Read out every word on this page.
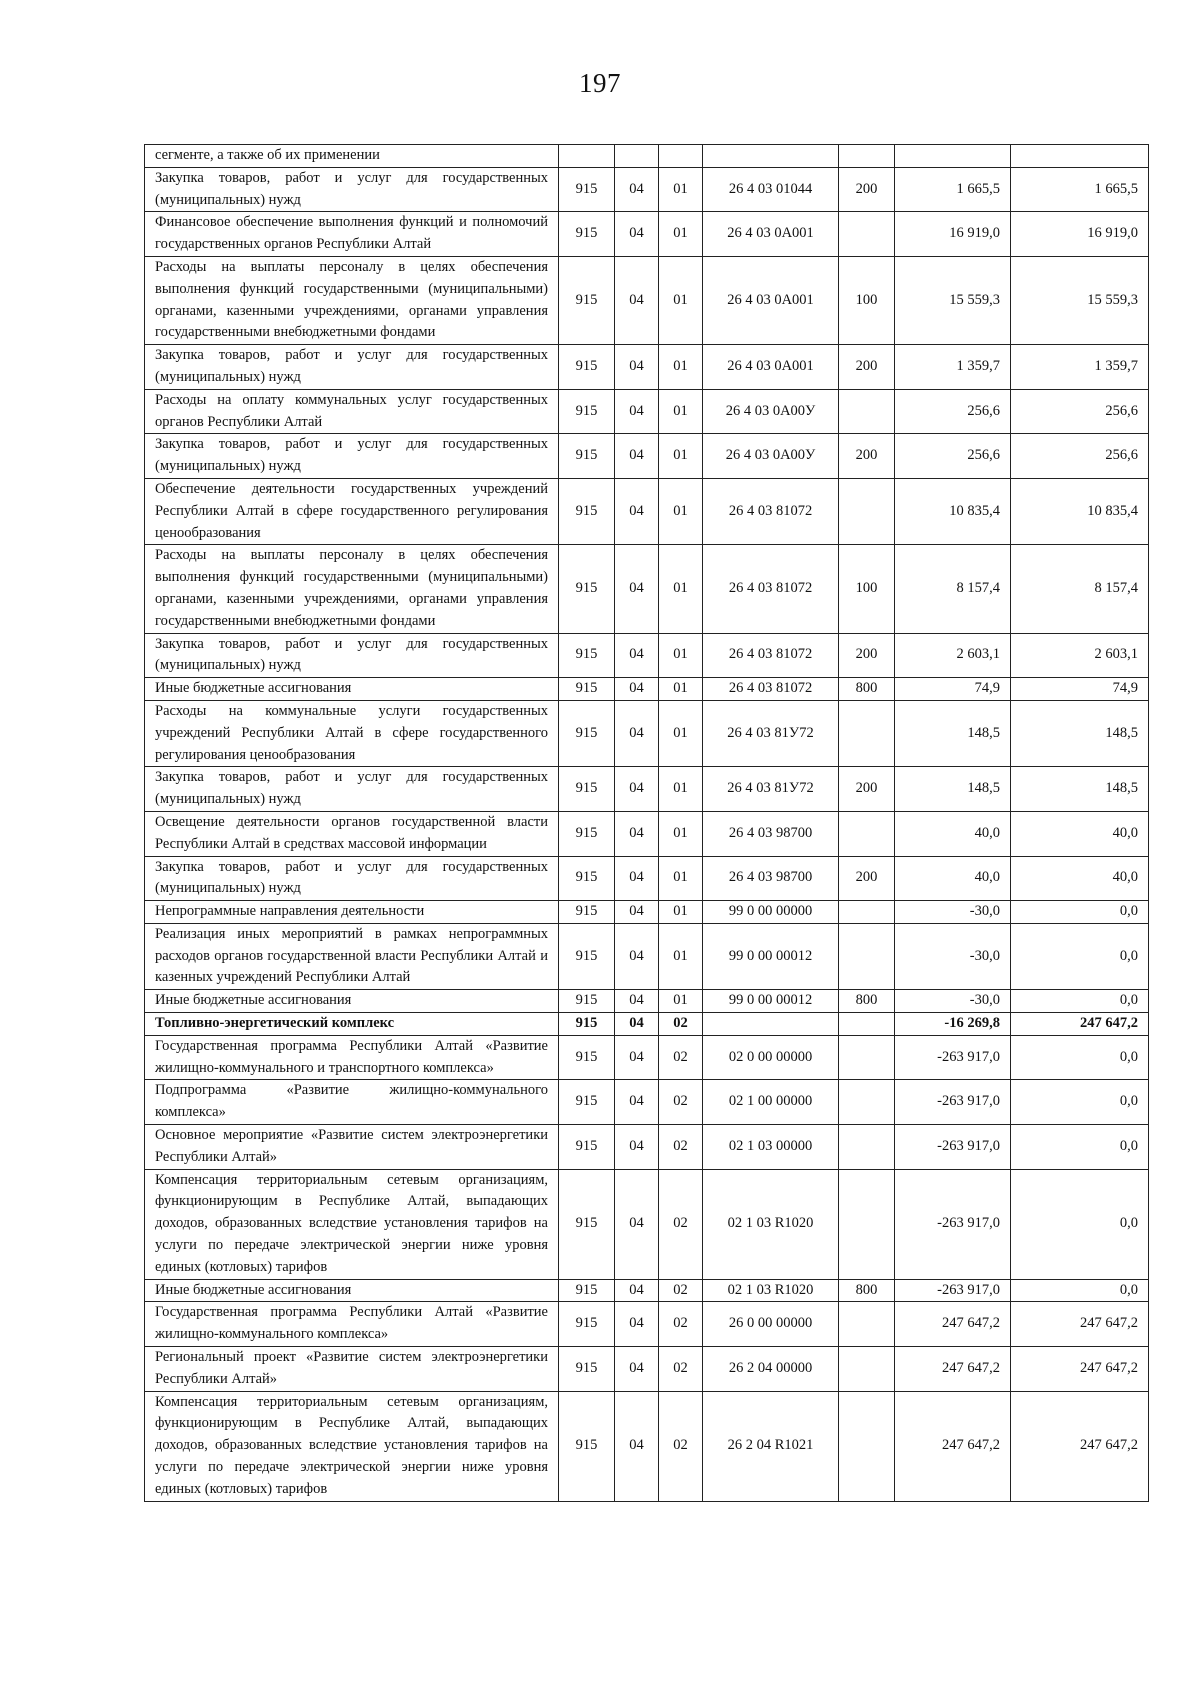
197
сегменте, а также об их применении							
Закупка товаров, работ и услуг для государственных (муниципальных) нужд	915	04	01	26 4 03 01044	200	1 665,5	1 665,5
Финансовое обеспечение выполнения функций и полномочий государственных органов Республики Алтай	915	04	01	26 4 03 0А001		16 919,0	16 919,0
Расходы на выплаты персоналу в целях обеспечения выполнения функций государственными (муниципальными) органами, казенными учреждениями, органами управления государственными внебюджетными фондами	915	04	01	26 4 03 0А001	100	15 559,3	15 559,3
Закупка товаров, работ и услуг для государственных (муниципальных) нужд	915	04	01	26 4 03 0А001	200	1 359,7	1 359,7
Расходы на оплату коммунальных услуг государственных органов Республики Алтай	915	04	01	26 4 03 0А00У		256,6	256,6
Закупка товаров, работ и услуг для государственных (муниципальных) нужд	915	04	01	26 4 03 0А00У	200	256,6	256,6
Обеспечение деятельности государственных учреждений Республики Алтай в сфере государственного регулирования ценообразования	915	04	01	26 4 03 81072		10 835,4	10 835,4
Расходы на выплаты персоналу в целях обеспечения выполнения функций государственными (муниципальными) органами, казенными учреждениями, органами управления государственными внебюджетными фондами	915	04	01	26 4 03 81072	100	8 157,4	8 157,4
Закупка товаров, работ и услуг для государственных (муниципальных) нужд	915	04	01	26 4 03 81072	200	2 603,1	2 603,1
Иные бюджетные ассигнования	915	04	01	26 4 03 81072	800	74,9	74,9
Расходы на коммунальные услуги государственных учреждений Республики Алтай в сфере государственного регулирования ценообразования	915	04	01	26 4 03 81У72		148,5	148,5
Закупка товаров, работ и услуг для государственных (муниципальных) нужд	915	04	01	26 4 03 81У72	200	148,5	148,5
Освещение деятельности органов государственной власти Республики Алтай в средствах массовой информации	915	04	01	26 4 03 98700		40,0	40,0
Закупка товаров, работ и услуг для государственных (муниципальных) нужд	915	04	01	26 4 03 98700	200	40,0	40,0
Непрограммные направления деятельности	915	04	01	99 0 00 00000		-30,0	0,0
Реализация иных мероприятий в рамках непрограммных расходов органов государственной власти Республики Алтай и казенных учреждений Республики Алтай	915	04	01	99 0 00 00012		-30,0	0,0
Иные бюджетные ассигнования	915	04	01	99 0 00 00012	800	-30,0	0,0
Топливно-энергетический комплекс	915	04	02			-16 269,8	247 647,2
Государственная программа Республики Алтай «Развитие жилищно-коммунального и транспортного комплекса»	915	04	02	02 0 00 00000		-263 917,0	0,0
Подпрограмма «Развитие жилищно-коммунального комплекса»	915	04	02	02 1 00 00000		-263 917,0	0,0
Основное мероприятие «Развитие систем электроэнергетики Республики Алтай»	915	04	02	02 1 03 00000		-263 917,0	0,0
Компенсация территориальным сетевым организациям, функционирующим в Республике Алтай, выпадающих доходов, образованных вследствие установления тарифов на услуги по передаче электрической энергии ниже уровня единых (котловых) тарифов	915	04	02	02 1 03 R1020		-263 917,0	0,0
Иные бюджетные ассигнования	915	04	02	02 1 03 R1020	800	-263 917,0	0,0
Государственная программа Республики Алтай «Развитие жилищно-коммунального комплекса»	915	04	02	26 0 00 00000		247 647,2	247 647,2
Региональный проект «Развитие систем электроэнергетики Республики Алтай»	915	04	02	26 2 04 00000		247 647,2	247 647,2
Компенсация территориальным сетевым организациям, функционирующим в Республике Алтай, выпадающих доходов, образованных вследствие установления тарифов на услуги по передаче электрической энергии ниже уровня единых (котловых) тарифов	915	04	02	26 2 04 R1021		247 647,2	247 647,2
